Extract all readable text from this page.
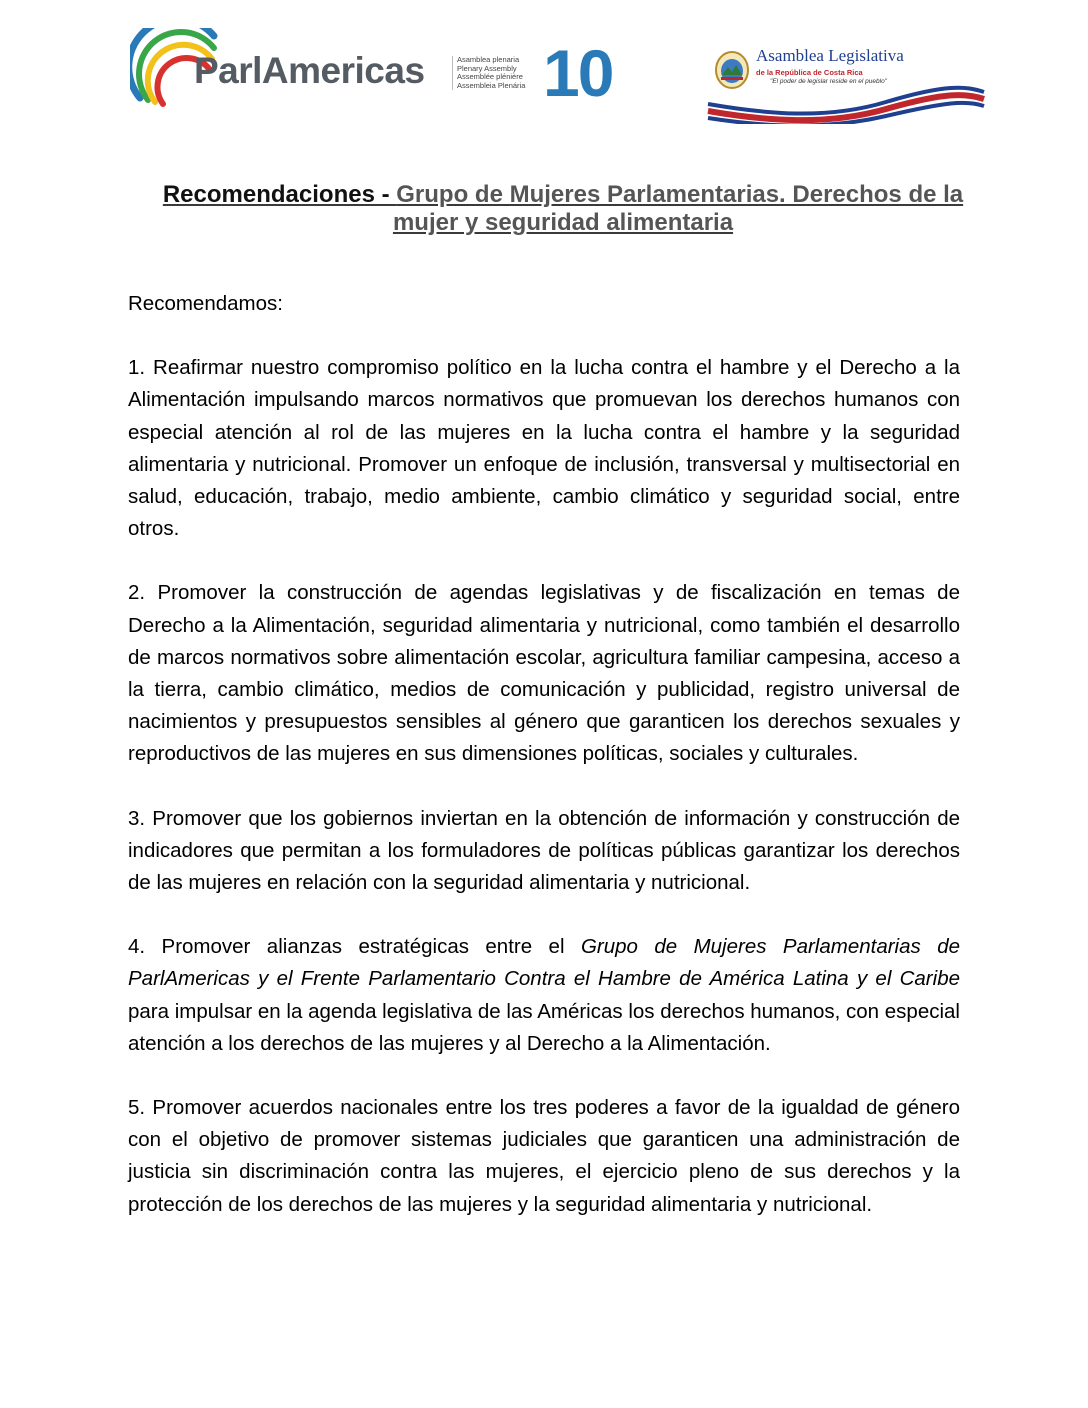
ParlAmericas	Asamblea plenaria
Plenary Assembly
Assemblée plénière
Assembleia Plenária 10	Asamblea Legislativa
de la República de Costa Rica
"El poder de legislar reside en el pueblo"
Recomendaciones - Grupo de Mujeres Parlamentarias. Derechos de la mujer y seguridad alimentaria

Recomendamos:

1. Reafirmar nuestro compromiso político en la lucha contra el hambre y el Derecho a la Alimentación impulsando marcos normativos que promuevan los derechos humanos con especial atención al rol de las mujeres en la lucha contra el hambre y la seguridad alimentaria y nutricional. Promover un enfoque de inclusión, transversal y multisectorial en salud, educación, trabajo, medio ambiente, cambio climático y seguridad social, entre otros.

2. Promover la construcción de agendas legislativas y de fiscalización en temas de Derecho a la Alimentación, seguridad alimentaria y nutricional, como también el desarrollo de marcos normativos sobre alimentación escolar, agricultura familiar campesina, acceso a la tierra, cambio climático, medios de comunicación y publicidad, registro universal de nacimientos y presupuestos sensibles al género que garanticen los derechos sexuales y reproductivos de las mujeres en sus dimensiones políticas, sociales y culturales.

3. Promover que los gobiernos inviertan en la obtención de información y construcción de indicadores que permitan a los formuladores de políticas públicas garantizar los derechos de las mujeres en relación con la seguridad alimentaria y nutricional.

4. Promover alianzas estratégicas entre el Grupo de Mujeres Parlamentarias de ParlAmericas y el Frente Parlamentario Contra el Hambre de América Latina y el Caribe para impulsar en la agenda legislativa de las Américas los derechos humanos, con especial atención a los derechos de las mujeres y al Derecho a la Alimentación.

5. Promover acuerdos nacionales entre los tres poderes a favor de la igualdad de género con el objetivo de promover sistemas judiciales que garanticen una administración de justicia sin discriminación contra las mujeres, el ejercicio pleno de sus derechos y la protección de los derechos de las mujeres y la seguridad alimentaria y nutricional.
